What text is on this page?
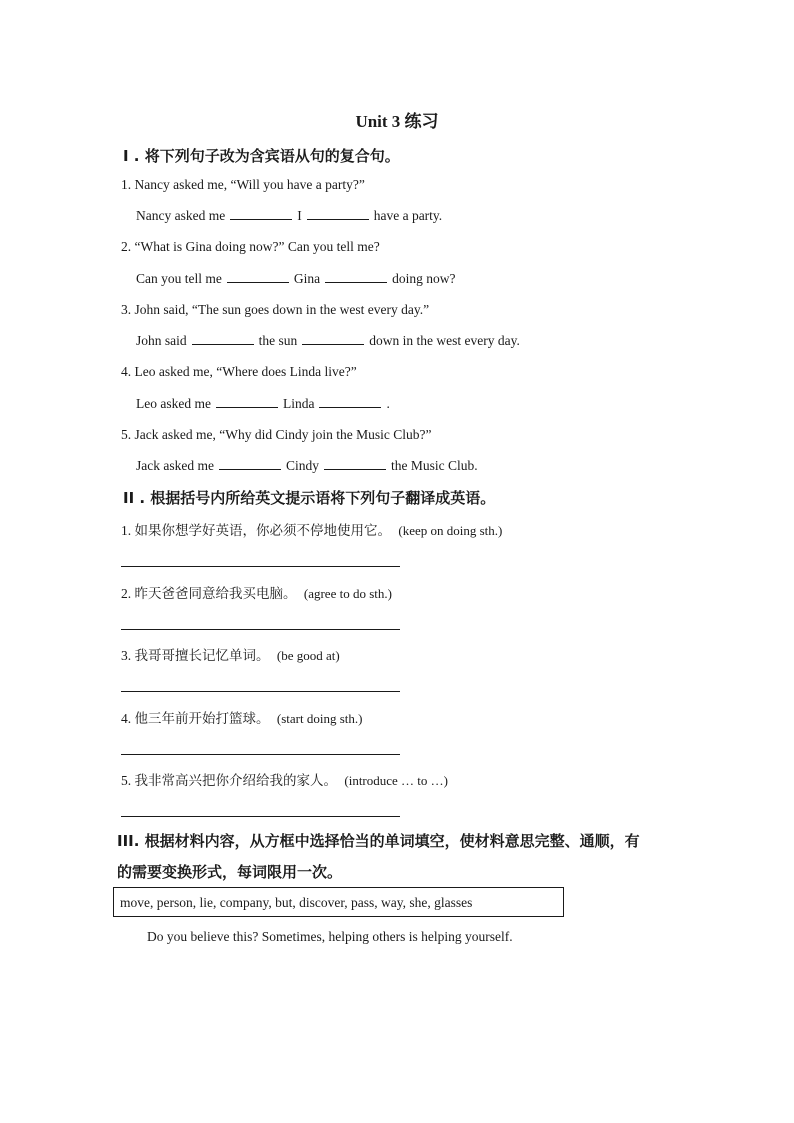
Unit 3 练习
I . 将下列句子改为含宾语从句的复合句。
1. Nancy asked me, “Will you have a party?”
Nancy asked me	I	have a party.
2. “What is Gina doing now?” Can you tell me?
Can you tell me	Gina	doing now?
3. John said, “The sun goes down in the west every day.”
John said	the sun	down in the west every day.
4. Leo asked me, “Where does Linda live?”
Leo asked me	Linda	.
5. Jack asked me, “Why did Cindy join the Music Club?”
Jack asked me	Cindy	the Music Club.
II . 根据括号内所给英文提示语将下列句子翻译成英语。
1. 如果你想学好英语，你必须不停地使用它。 (keep on doing sth.)
2. 昨天爸爸同意给我买电脑。 (agree to do sth.)
3. 我哥哥擅长记忆单词。 (be good at)
4. 他三年前开始打篮球。 (start doing sth.)
5. 我非常高兴把你介绍给我的家人。 (introduce … to …)
III. 根据材料内容，从方框中选择恰当的单词填空，使材料意思完整、通顺，有
的需要变换形式，每词限用一次。
move, person, lie, company, but, discover, pass, way, she, glasses
Do you believe this? Sometimes, helping others is helping yourself.
